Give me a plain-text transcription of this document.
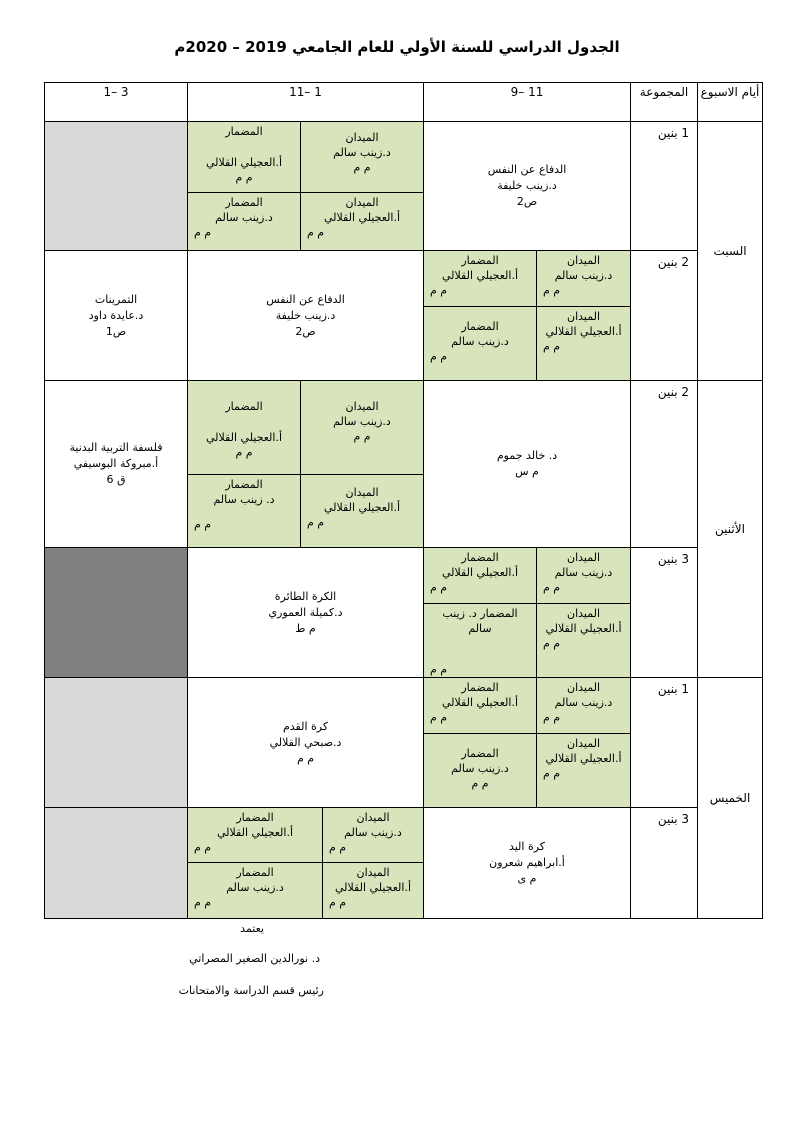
الجدول الدراسي للسنة الأولي للعام الجامعي 2019 – 2020م
أيام الاسبوع
المجموعة
9– 11
11– 1
1– 3
السبت
الأثنين
الخميس
1 بنين
2 بنين
2 بنين
3 بنين
1 بنين
3 بنين
الدفاع عن النفس
د.زينب خليفة
ص2
الميدان
د.زينب سالم
م م
المضمار
أ.العجيلي القلالي
م م
الميدان
أ.العجيلي القلالي
م م
المضمار
د.زينب سالم
م م
الميدان
د.زينب سالم
م م
المضمار
أ.العجيلي القلالي
م م
الميدان
أ.العجيلي القلالي
م م
المضمار
د.زينب سالم
م م
الدفاع عن النفس
د.زينب خليفة
ص2
التمرينات
د.عايدة داود
ص1
د. خالد جموم
م س
الميدان
د.زينب سالم
م م
المضمار
أ.العجيلي القلالي
م م
الميدان
أ.العجيلي القلالي
م م
المضمار
د. زينب سالم
م م
فلسفة التربية البدنية
أ.مبروكة البوسيفي
ق 6
الميدان
د.زينب سالم
م م
المضمار
أ.العجيلي القلالي
م م
الميدان
أ.العجيلي القلالي
م م
المضمار د. زينب سالم
م م
الكرة الطائرة
د.كميلة العموري
م ط
الميدان
د.زينب سالم
م م
المضمار
أ.العجيلي القلالي
م م
الميدان
أ.العجيلي القلالي
م م
المضمار
د.زينب سالم
م م
كرة القدم
د.صبحي القلالي
م م
كرة اليد
أ.ابراهيم شعرون
م ى
الميدان
د.زينب سالم
م م
المضمار
أ.العجيلي القلالي
م م
الميدان
أ.العجيلي القلالي
م م
المضمار
د.زينب سالم
م م
يعتمد
د. نورالدين الصغير المصراتي
رئيس قسم الدراسة والامتحانات
